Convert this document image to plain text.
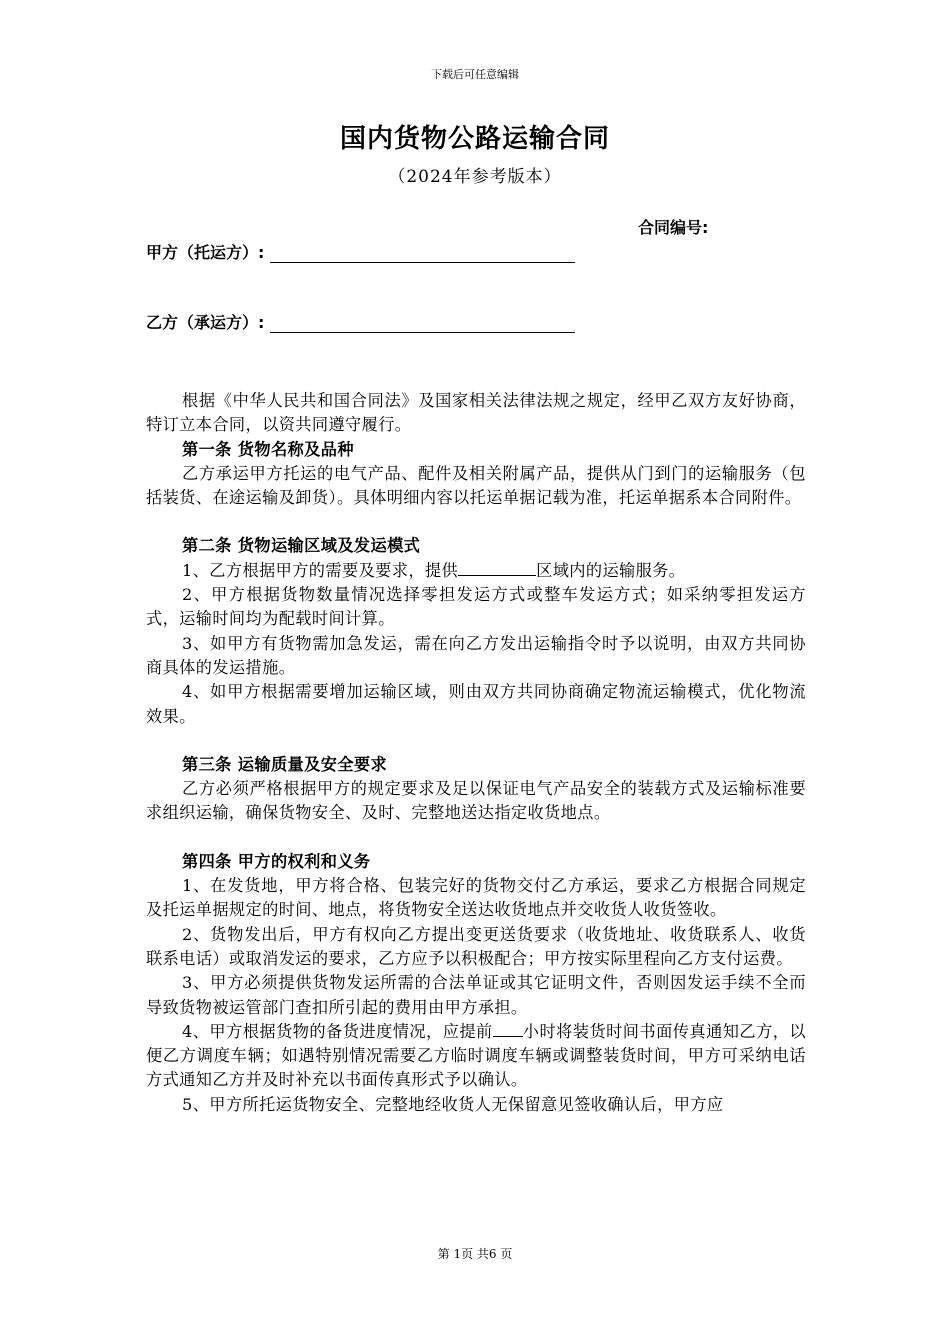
下载后可任意编辑
国内货物公路运输合同
（2024年参考版本）
合同编号:
甲方（托运方）:
乙方（承运方）:

根据《中华人民共和国合同法》及国家相关法律法规之规定，经甲乙双方友好协商，特订立本合同，以资共同遵守履行。

第一条 货物名称及品种

乙方承运甲方托运的电气产品、配件及相关附属产品，提供从门到门的运输服务（包括装货、在途运输及卸货）。具体明细内容以托运单据记载为准，托运单据系本合同附件。

第二条 货物运输区域及发运模式

1、乙方根据甲方的需要及要求，提供	区域内的运输服务。

2、甲方根据货物数量情况选择零担发运方式或整车发运方式；如采纳零担发运方式，运输时间均为配载时间计算。

3、如甲方有货物需加急发运，需在向乙方发出运输指令时予以说明，由双方共同协商具体的发运措施。

4、如甲方根据需要增加运输区域，则由双方共同协商确定物流运输模式，优化物流效果。

第三条 运输质量及安全要求

乙方必须严格根据甲方的规定要求及足以保证电气产品安全的装载方式及运输标准要求组织运输，确保货物安全、及时、完整地送达指定收货地点。

第四条 甲方的权利和义务

1、在发货地，甲方将合格、包装完好的货物交付乙方承运，要求乙方根据合同规定及托运单据规定的时间、地点，将货物安全送达收货地点并交收货人收货签收。

2、货物发出后，甲方有权向乙方提出变更送货要求（收货地址、收货联系人、收货联系电话）或取消发运的要求，乙方应予以积极配合；甲方按实际里程向乙方支付运费。

3、甲方必须提供货物发运所需的合法单证或其它证明文件，否则因发运手续不全而导致货物被运管部门查扣所引起的费用由甲方承担。

4、甲方根据货物的备货进度情况，应提前 小时将装货时间书面传真通知乙方，以便乙方调度车辆；如遇特别情况需要乙方临时调度车辆或调整装货时间，甲方可采纳电话方式通知乙方并及时补充以书面传真形式予以确认。

5、甲方所托运货物安全、完整地经收货人无保留意见签收确认后，甲方应

第 1页 共6 页
